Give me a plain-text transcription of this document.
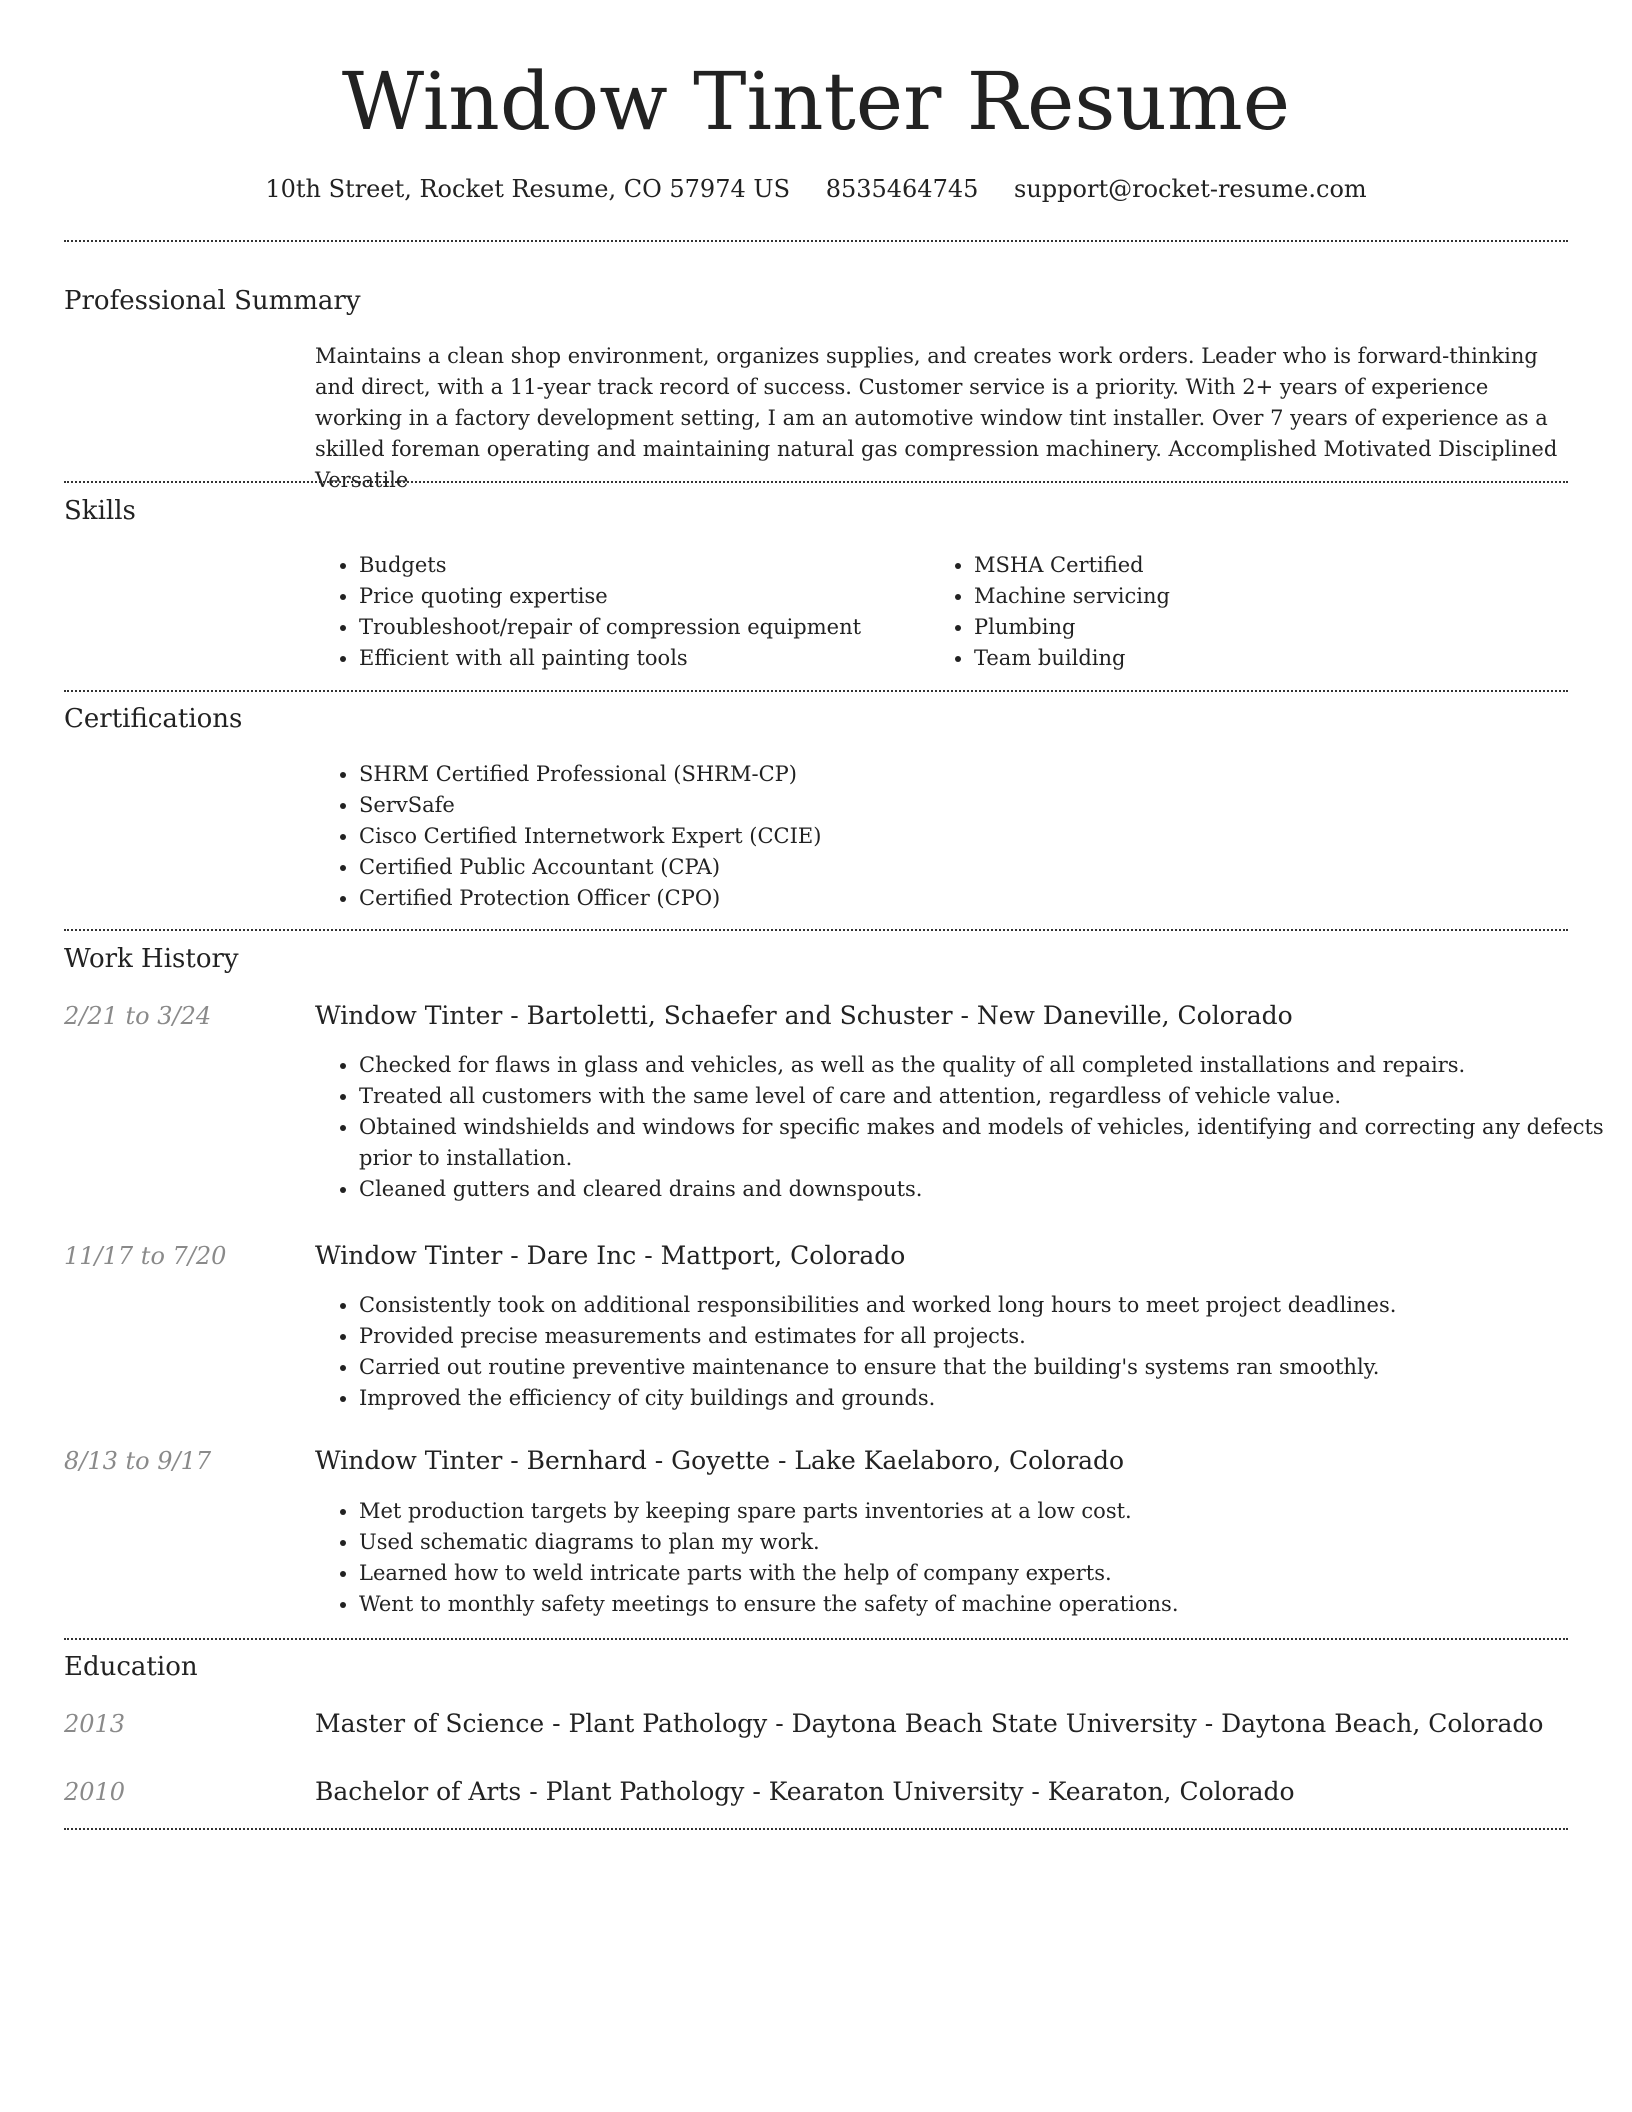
Window Tinter Resume
10th Street, Rocket Resume, CO 57974 US 8535464745 support@rocket-resume.com
Professional Summary

Maintains a clean shop environment, organizes supplies, and creates work orders. Leader who is forward-thinking and direct, with a 11-year track record of success. Customer service is a priority. With 2+ years of experience working in a factory development setting, I am an automotive window tint installer. Over 7 years of experience as a skilled foreman operating and maintaining natural gas compression machinery. Accomplished Motivated Disciplined Versatile

Skills
• Budgets
• Price quoting expertise
• Troubleshoot/repair of compression equipment
• Efficient with all painting tools
• MSHA Certified
• Machine servicing
• Plumbing
• Team building
Certifications
• SHRM Certified Professional (SHRM-CP)
• ServSafe
• Cisco Certified Internetwork Expert (CCIE)
• Certified Public Accountant (CPA)
• Certified Protection Officer (CPO)
Work History
2/21 to 3/24	Window Tinter - Bartoletti, Schaefer and Schuster - New Daneville, Colorado
• Checked for flaws in glass and vehicles, as well as the quality of all completed installations and repairs.
• Treated all customers with the same level of care and attention, regardless of vehicle value.
• Obtained windshields and windows for specific makes and models of vehicles, identifying and correcting any defects prior to installation.
• Cleaned gutters and cleared drains and downspouts.
11/17 to 7/20	Window Tinter - Dare Inc - Mattport, Colorado
• Consistently took on additional responsibilities and worked long hours to meet project deadlines.
• Provided precise measurements and estimates for all projects.
• Carried out routine preventive maintenance to ensure that the building's systems ran smoothly.
• Improved the efficiency of city buildings and grounds.
8/13 to 9/17	Window Tinter - Bernhard - Goyette - Lake Kaelaboro, Colorado
• Met production targets by keeping spare parts inventories at a low cost.
• Used schematic diagrams to plan my work.
• Learned how to weld intricate parts with the help of company experts.
• Went to monthly safety meetings to ensure the safety of machine operations.
Education
2013	Master of Science - Plant Pathology - Daytona Beach State University - Daytona Beach, Colorado
2010	Bachelor of Arts - Plant Pathology - Kearaton University - Kearaton, Colorado
